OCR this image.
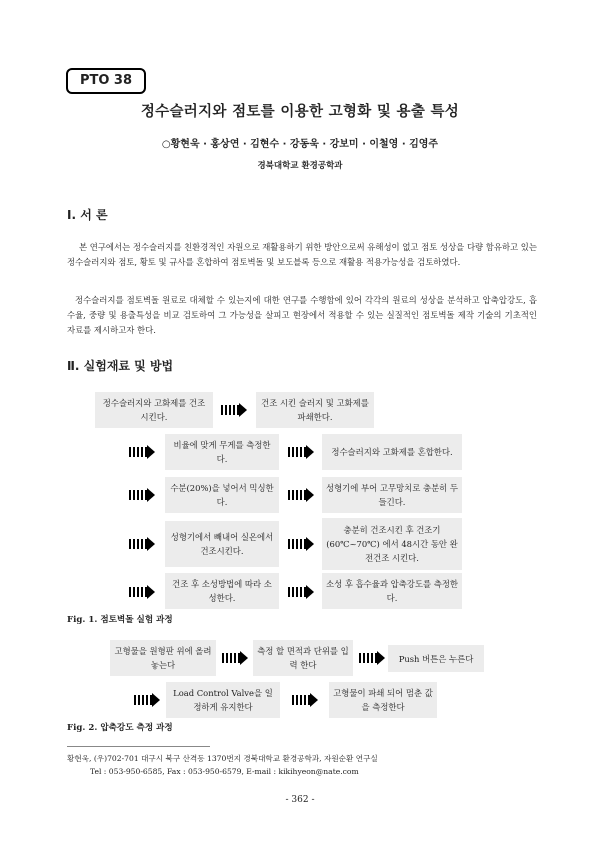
PTO 38
정수슬러지와 점토를 이용한 고형화 및 용출 특성
○황현욱 · 홍상연 · 김현수 · 강동욱 · 강보미 · 이철영 · 김영주
경북대학교 환경공학과
Ⅰ. 서 론
본 연구에서는 정수슬러지를 친환경적인 자원으로 재활용하기 위한 방안으로써 유해성이 없고 점토 성상을 다량 함유하고 있는 정수슬러지와 점토, 황토 및 규사를 혼합하여 점토벽돌 및 보도블록 등으로 재활용 적용가능성을 검토하였다.
정수슬러지를 점토벽돌 원료로 대체할 수 있는지에 대한 연구를 수행함에 있어 각각의 원료의 성상을 분석하고 압축압강도, 흡수율, 중량 및 용출특성을 비교 검토하여 그 가능성을 살피고 현장에서 적용할 수 있는 실질적인 점토벽돌 제작 기술의 기초적인 자료를 제시하고자 한다.
Ⅱ. 실험재료 및 방법
정수슬러지와 고화제를 건조시킨다.
건조 시킨 슬러지 및 고화제를 파쇄한다.
비율에 맞게 무게를 측정한다.
정수슬러지와 고화제를 혼합한다.
수분(20%)을 넣어서 믹싱한다.
성형기에 부어 고무망치로 충분히 두들긴다.
성형기에서 빼내어 실온에서 건조시킨다.
충분히 건조시킨 후 건조기(60℃~70℃) 에서 48시간 동안 완전건조 시킨다.
건조 후 소성방법에 따라 소성한다.
소성 후 흡수율과 압축강도를 측정한다.
Fig. 1. 점토벽돌 실험 과정
고형물을 원형판 위에 올려놓는다
측정 할 면적과 단위를 입력 한다
Push 버튼은 누른다
Load Control Valve을 일정하게 유지한다
고형물이 파쇄 되어 멈춘 값을 측정한다
Fig. 2. 압축강도 측정 과정
황현욱, (우)702-701 대구시 북구 산격동 1370번지 경북대학교 환경공학과, 자원순환 연구실
Tel : 053-950-6585, Fax : 053-950-6579, E-mail : kikihyeon@nate.com
- 362 -
